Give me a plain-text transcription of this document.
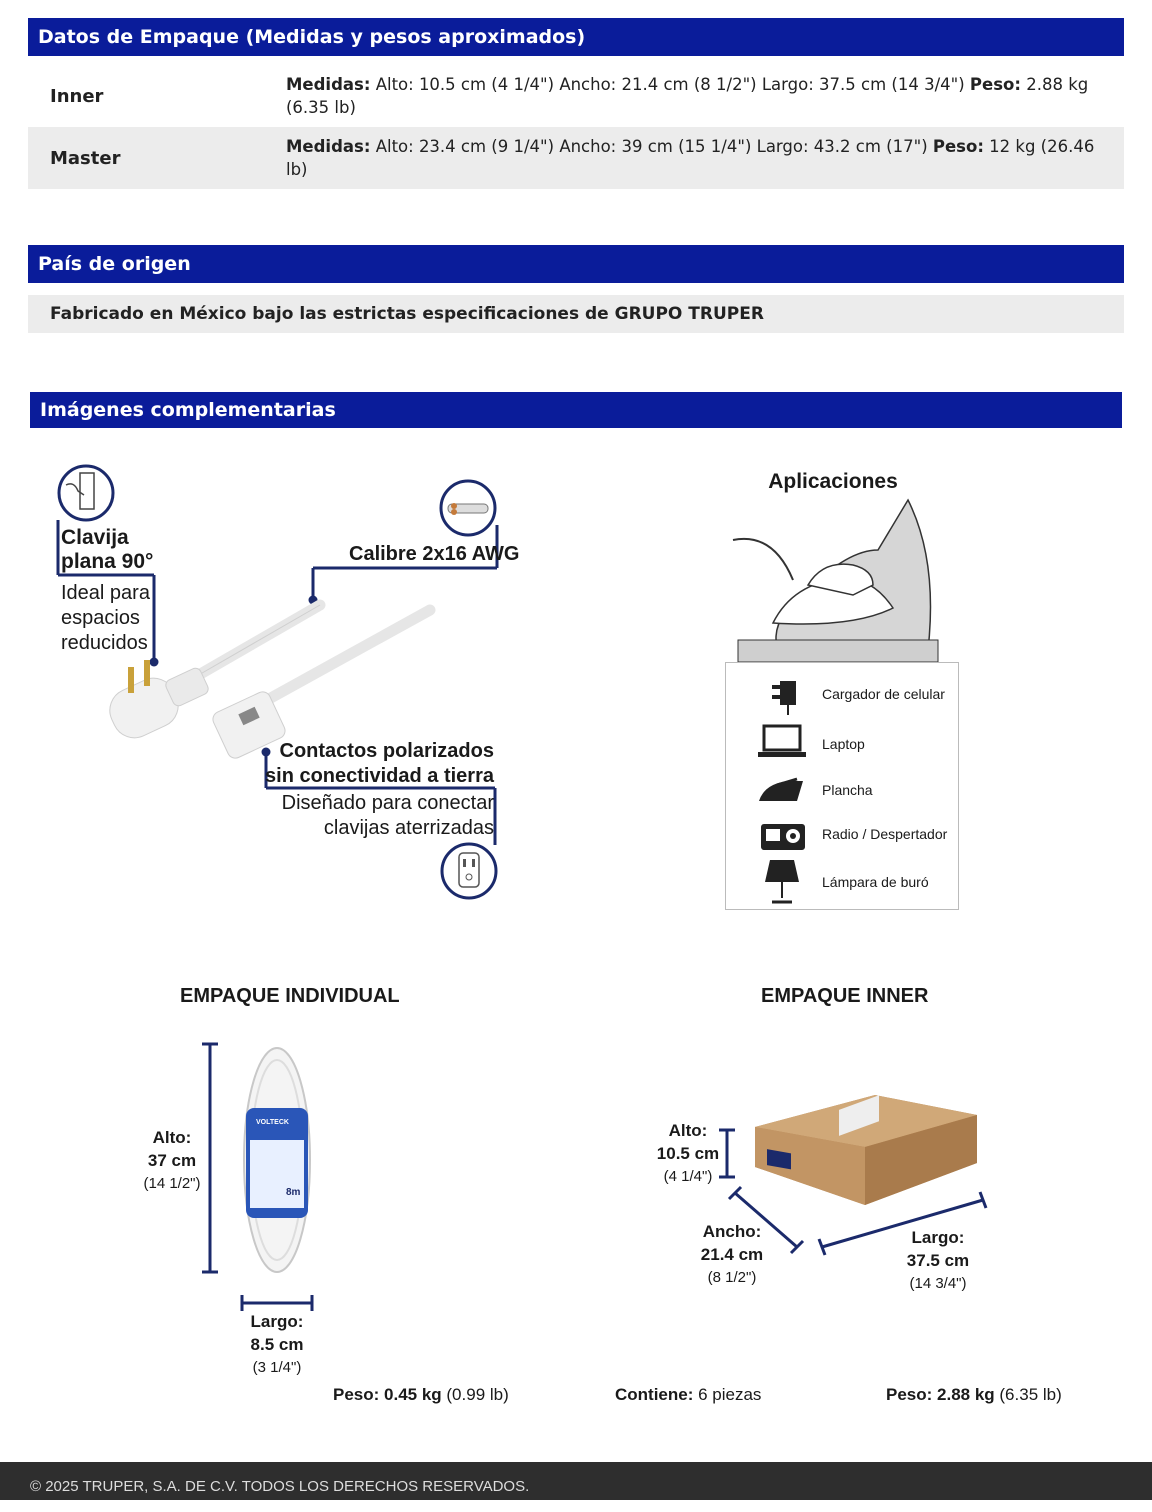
Datos de Empaque (Medidas y pesos aproximados)
Inner
Medidas: Alto: 10.5 cm (4 1/4") Ancho: 21.4 cm (8 1/2") Largo: 37.5 cm (14 3/4") Peso: 2.88 kg (6.35 lb)
Master
Medidas: Alto: 23.4 cm (9 1/4") Ancho: 39 cm (15 1/4") Largo: 43.2 cm (17") Peso: 12 kg (26.46 lb)
País de origen
Fabricado en México bajo las estrictas especificaciones de GRUPO TRUPER
Imágenes complementarias
Clavija
plana 90°
Ideal para
espacios
reducidos
Calibre 2x16 AWG
Contactos polarizados
sin conectividad a tierra
Diseñado para conectar
clavijas aterrizadas
Aplicaciones
Cargador de celular
Laptop
Plancha
Radio / Despertador
Lámpara de buró
EMPAQUE INDIVIDUAL
VOLTECK
8m
Alto:
37 cm
(14 1/2")
Largo:
8.5 cm
(3 1/4")
Peso: 0.45 kg (0.99 lb)
EMPAQUE INNER
Alto:
10.5 cm
(4 1/4")
Ancho:
21.4 cm
(8 1/2")
Largo:
37.5 cm
(14 3/4")
Contiene: 6 piezas	Peso: 2.88 kg (6.35 lb)
© 2025 TRUPER, S.A. DE C.V. TODOS LOS DERECHOS RESERVADOS.
